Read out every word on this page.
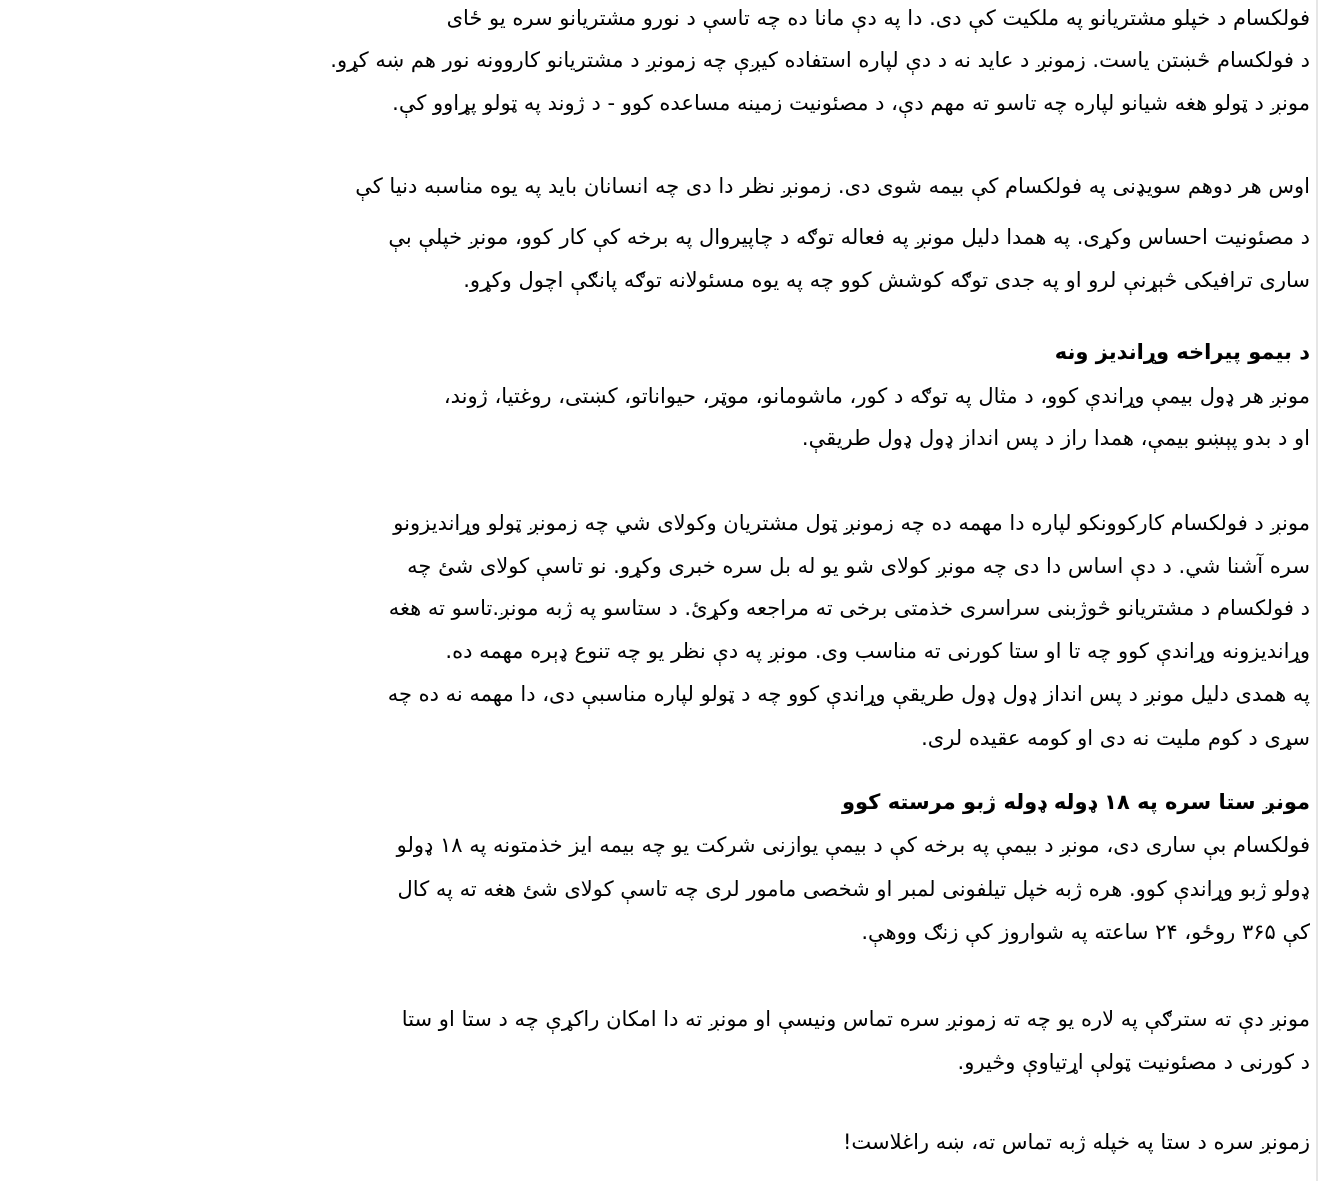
فولکسام د خپلو مشتریانو په ملکیت کې دی. دا په دې مانا ده چه تاسې د نورو مشتریانو سره یو ځای
د فولکسام څښتن یاست. زمونږ د عاید نه د دې لپاره استفاده کیږې چه زمونږ د مشتریانو کاروونه نور هم ښه کړو.
مونږ د ټولو هغه شیانو لپاره چه تاسو ته مهم دې، د مصئونیت زمینه مساعده کوو - د ژوند په ټولو پړاوو کې.
اوس هر دوهم سویډنی په فولکسام کې بیمه شوی دی. زمونږ نظر دا دی چه انسانان باید په یوه مناسبه دنیا کې
د مصئونیت احساس وکړی. په همدا دلیل مونږ په فعاله توګه د چاپیروال په برخه کې کار کوو، مونږ خپلې بې
ساری ترافیکی څېړنې لرو او په جدی توګه کوشش کوو چه په یوه مسئولانه توګه پانګې اچول وکړو.
د بیمو پیراخه وړاندیز ونه
مونږ هر ډول بیمې وړاندې کوو، د مثال په توګه د کور، ماشومانو، موټر، حیواناتو، کښتی، روغتیا، ژوند،
او د بدو پېښو بیمې، همدا راز د پس انداز ډول ډول طریقې.
مونږ د فولکسام کارکوونکو لپاره دا مهمه ده چه زمونږ ټول مشتریان وکولای شي چه زمونږ ټولو وړاندیزونو
سره آشنا شي. د دې اساس دا دی چه مونږ کولای شو یو له بل سره خبری وکړو. نو تاسې کولای شئ چه
د فولکسام د مشتریانو څوژبنی سراسری خذمتی برخی ته مراجعه وکړئ. د ستاسو په ژبه مونږ.تاسو ته هغه
وړاندیزونه وړاندې کوو چه تا او ستا کورنی ته مناسب وی. مونږ په دې نظر یو چه تنوع ډېره مهمه ده.
په همدی دلیل مونږ د پس انداز ډول ډول طریقې وړاندې کوو چه د ټولو لپاره مناسبې دی، دا مهمه نه ده چه
سړی د کوم ملیت نه دی او کومه عقیده لری.
مونږ ستا سره په ۱۸ ډوله ډوله ژبو مرسته کوو
فولکسام بې ساری دی، مونږ د بیمې په برخه کې د بیمې یوازنی شرکت یو چه بیمه ایز خذمتونه په ۱۸ ډولو
ډولو ژبو وړاندې کوو. هره ژبه خپل تیلفونی لمبر او شخصی مامور لری چه تاسې کولای شئ هغه ته په کال
کې ۳۶۵ روځو، ۲۴ ساعته په شواروز کې زنګ ووهې.
مونږ دې ته سترګې په لاره یو چه ته زمونږ سره تماس ونیسې او مونږ ته دا امکان راکړې چه د ستا او ستا
د کورنی د مصئونیت ټولې اړتیاوې وڅیرو.
زمونږ سره د ستا په خپله ژبه تماس ته، ښه راغلاست!
